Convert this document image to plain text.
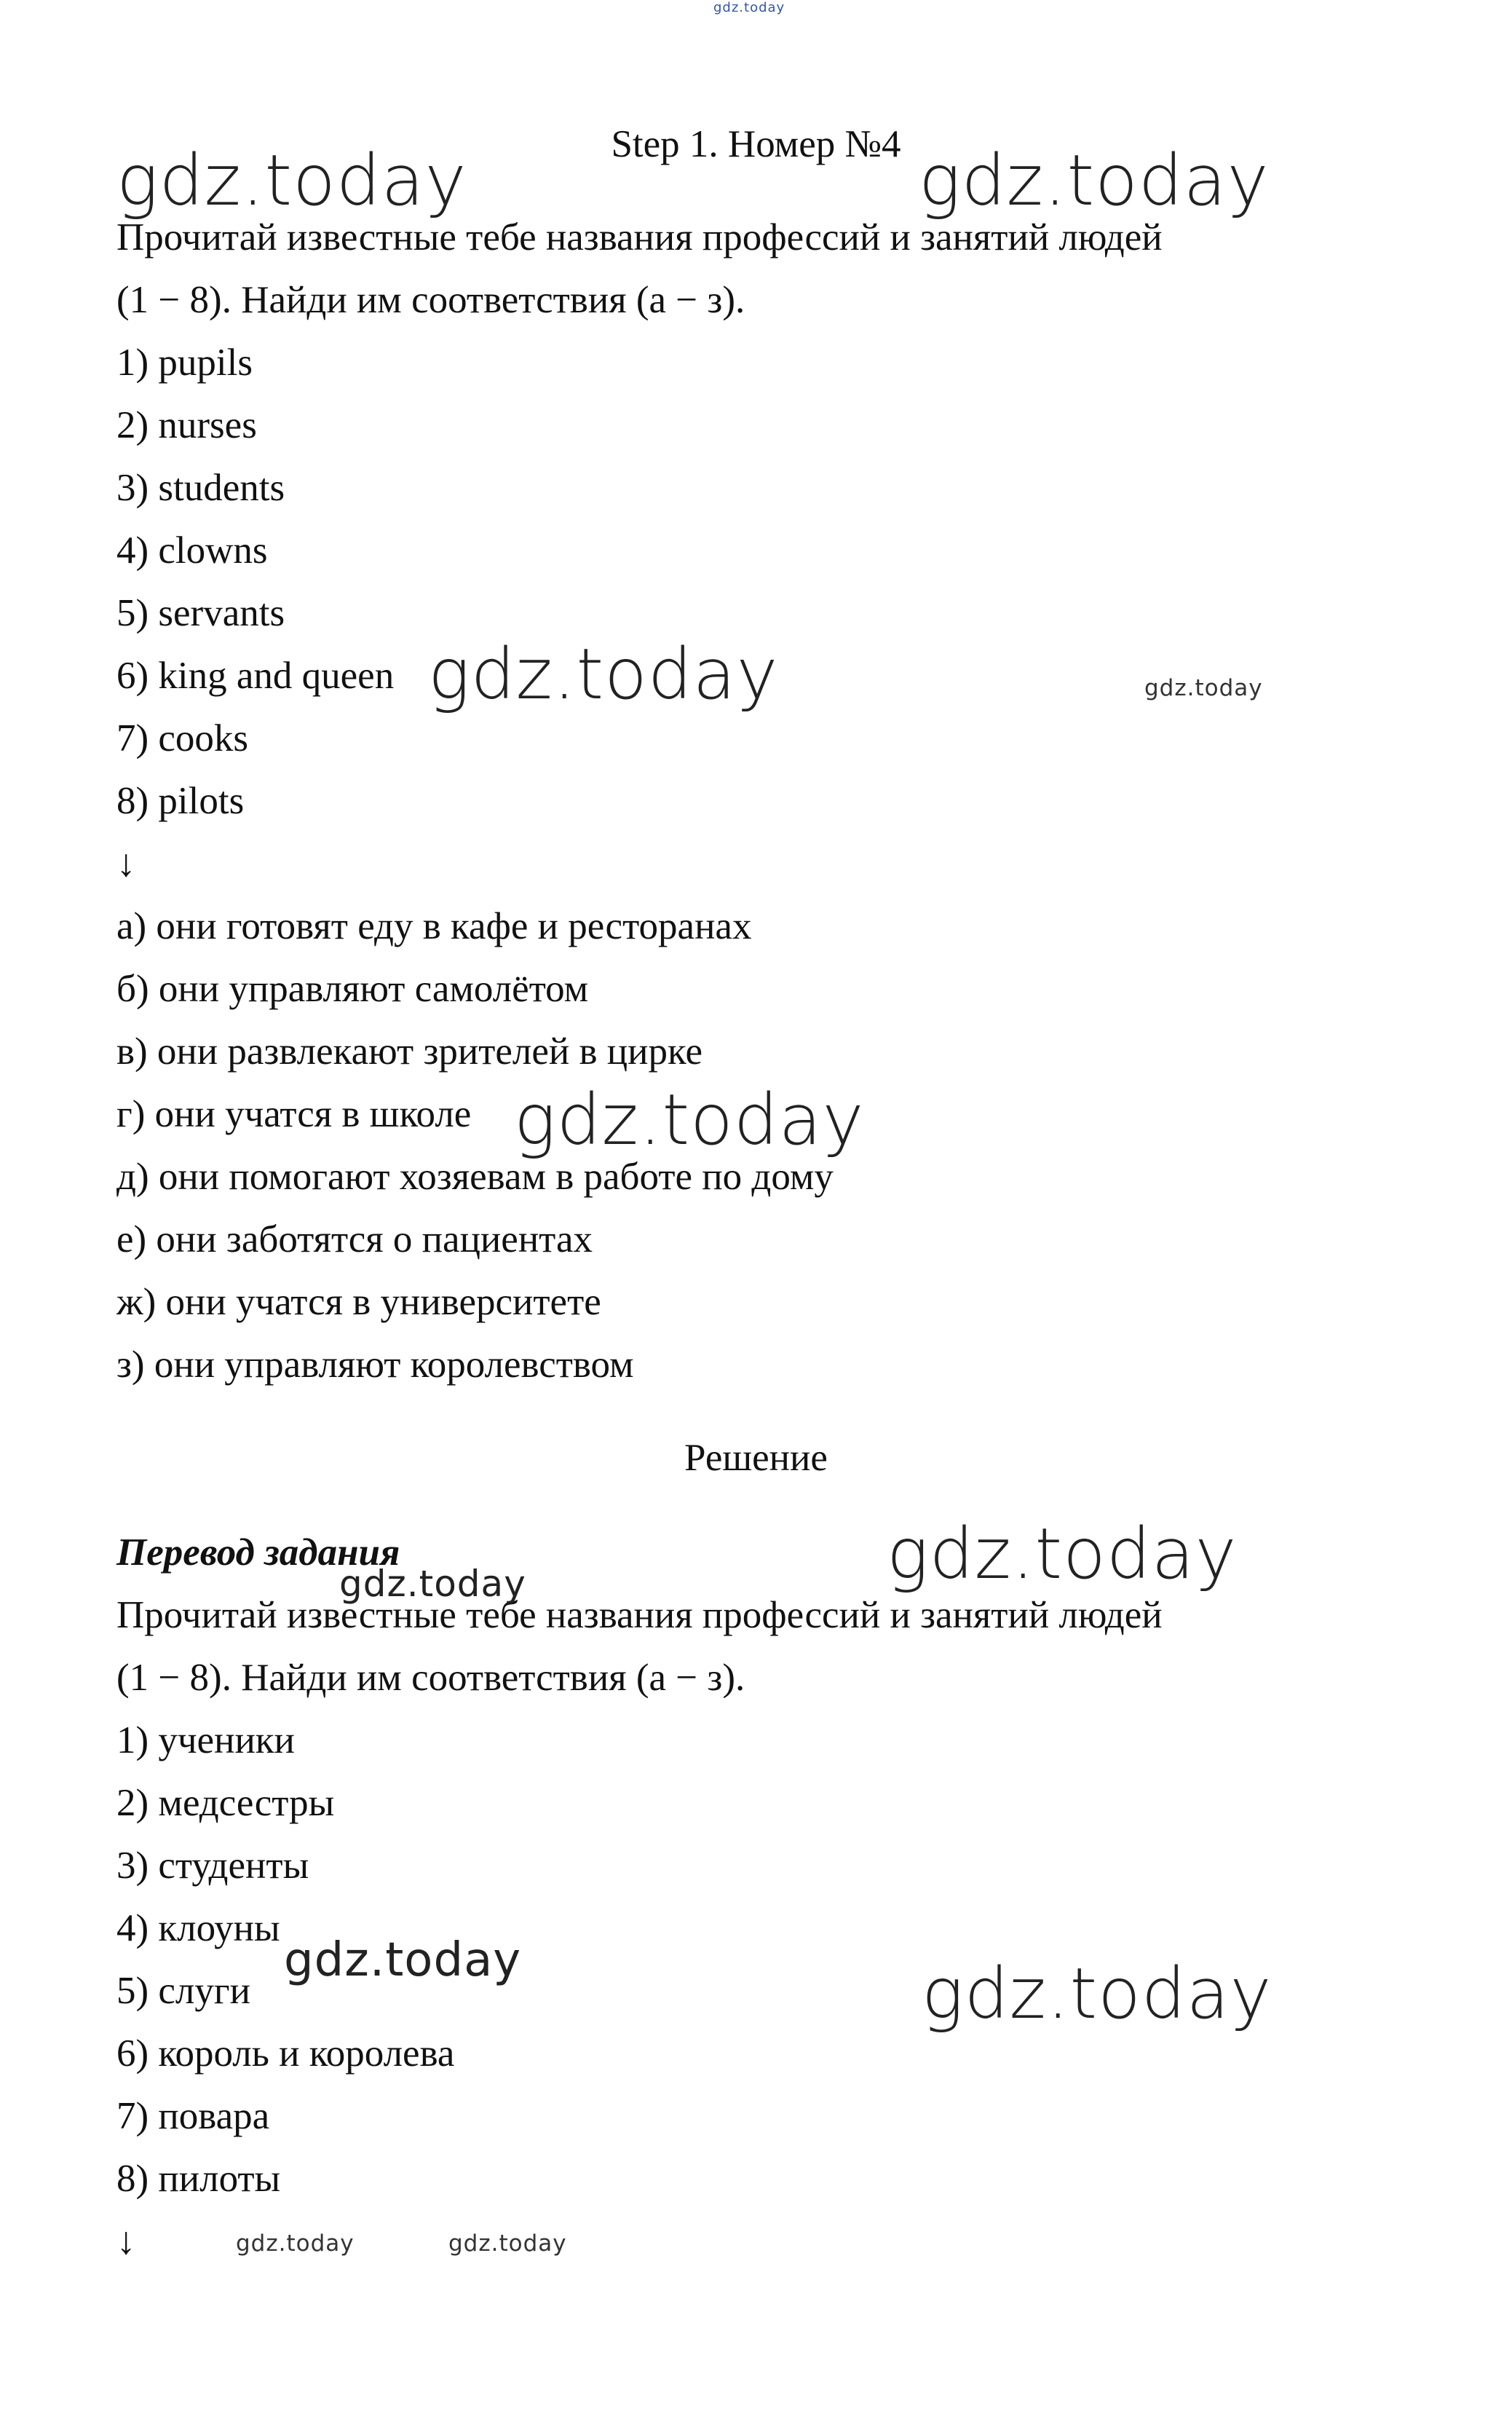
gdz.today
Step 1. Номер №4
Прочитай известные тебе названия профессий и занятий людей
(1 − 8). Найди им соответствия (а − з).
1) pupils
2) nurses
3) students
4) clowns
5) servants
6) king and queen
7) cooks
8) pilots
↓
а) они готовят еду в кафе и ресторанах
б) они управляют самолётом
в) они развлекают зрителей в цирке
г) они учатся в школе
д) они помогают хозяевам в работе по дому
е) они заботятся о пациентах
ж) они учатся в университете
з) они управляют королевством
Решение
Перевод задания
Прочитай известные тебе названия профессий и занятий людей
(1 − 8). Найди им соответствия (а − з).
1) ученики
2) медсестры
3) студенты
4) клоуны
5) слуги
6) король и королева
7) повара
8) пилоты
↓
gdz.today	gdz.today
gdz.today	gdz.today
gdz.today
gdz.today
gdz.today
gdz.today	gdz.today
gdz.today	gdz.today
